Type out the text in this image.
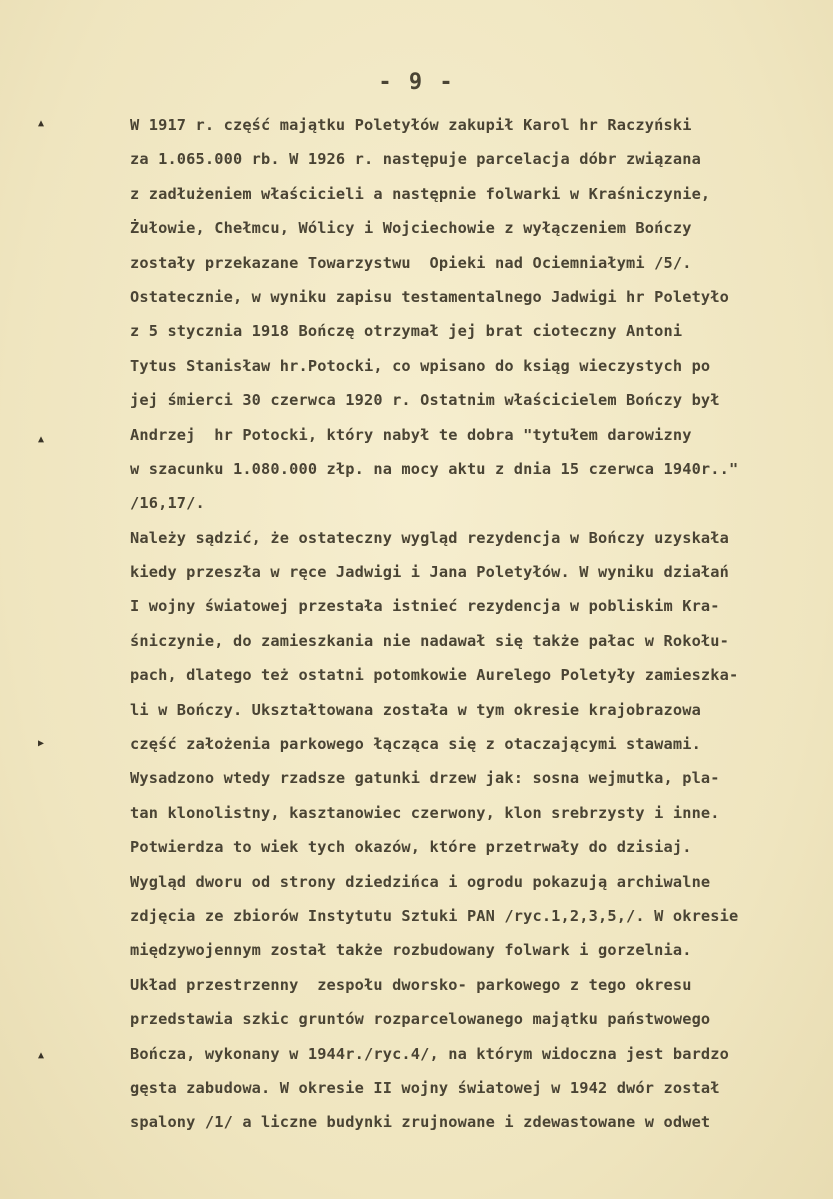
▲
▲
▶
▲
- 9 -
W 1917 r. część majątku Poletyłów zakupił Karol hr Raczyński
za 1.065.000 rb. W 1926 r. następuje parcelacja dóbr związana
z zadłużeniem właścicieli a następnie folwarki w Kraśniczynie,
Żułowie, Chełmcu, Wólicy i Wojciechowie z wyłączeniem Bończy
zostały przekazane Towarzystwu  Opieki nad Ociemniałymi /5/.
Ostatecznie, w wyniku zapisu testamentalnego Jadwigi hr Poletyło
z 5 stycznia 1918 Bończę otrzymał jej brat cioteczny Antoni
Tytus Stanisław hr.Potocki, co wpisano do ksiąg wieczystych po
jej śmierci 30 czerwca 1920 r. Ostatnim właścicielem Bończy był
Andrzej  hr Potocki, który nabył te dobra "tytułem darowizny
w szacunku 1.080.000 złp. na mocy aktu z dnia 15 czerwca 1940r.."
/16,17/.
Należy sądzić, że ostateczny wygląd rezydencja w Bończy uzyskała
kiedy przeszła w ręce Jadwigi i Jana Poletyłów. W wyniku działań
I wojny światowej przestała istnieć rezydencja w pobliskim Kra-
śniczynie, do zamieszkania nie nadawał się także pałac w Rokołu-
pach, dlatego też ostatni potomkowie Aurelego Poletyły zamieszka-
li w Bończy. Ukształtowana została w tym okresie krajobrazowa
część założenia parkowego łącząca się z otaczającymi stawami.
Wysadzono wtedy rzadsze gatunki drzew jak: sosna wejmutka, pla-
tan klonolistny, kasztanowiec czerwony, klon srebrzysty i inne.
Potwierdza to wiek tych okazów, które przetrwały do dzisiaj.
Wygląd dworu od strony dziedzińca i ogrodu pokazują archiwalne
zdjęcia ze zbiorów Instytutu Sztuki PAN /ryc.1,2,3,5,/. W okresie
międzywojennym został także rozbudowany folwark i gorzelnia.
Układ przestrzenny  zespołu dworsko- parkowego z tego okresu
przedstawia szkic gruntów rozparcelowanego majątku państwowego
Bończa, wykonany w 1944r./ryc.4/, na którym widoczna jest bardzo
gęsta zabudowa. W okresie II wojny światowej w 1942 dwór został
spalony /1/ a liczne budynki zrujnowane i zdewastowane w odwet
